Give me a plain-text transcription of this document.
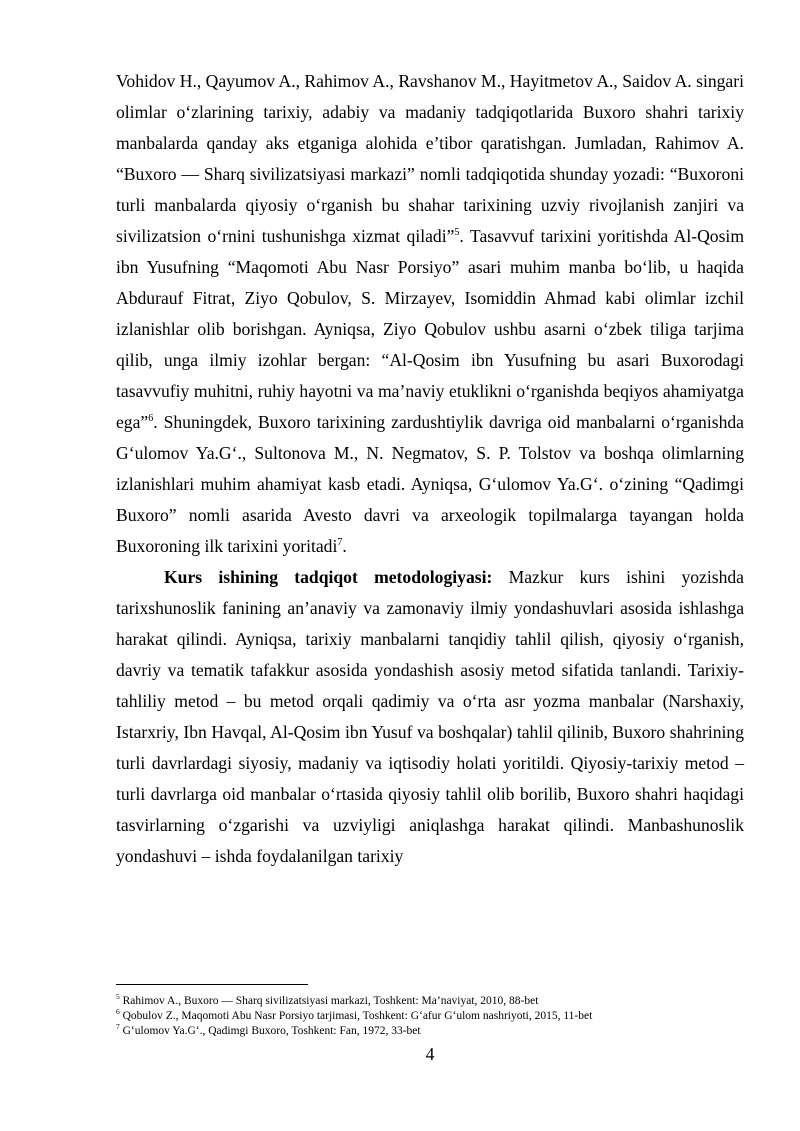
Vohidov H., Qayumov A., Rahimov A., Ravshanov M., Hayitmetov A., Saidov A. singari olimlar o‘zlarining tarixiy, adabiy va madaniy tadqiqotlarida Buxoro shahri tarixiy manbalarda qanday aks etganiga alohida e’tibor qaratishgan. Jumladan, Rahimov A. “Buxoro — Sharq sivilizatsiyasi markazi” nomli tadqiqotida shunday yozadi: “Buxoroni turli manbalarda qiyosiy o‘rganish bu shahar tarixining uzviy rivojlanish zanjiri va sivilizatsion o‘rnini tushunishga xizmat qiladi”$^5$. Tasavvuf tarixini yoritishda Al-Qosim ibn Yusufning “Maqomoti Abu Nasr Porsiyo” asari muhim manba bo‘lib, u haqida Abdurauf Fitrat, Ziyo Qobulov, S. Mirzayev, Isomiddin Ahmad kabi olimlar izchil izlanishlar olib borishgan. Ayniqsa, Ziyo Qobulov ushbu asarni o‘zbek tiliga tarjima qilib, unga ilmiy izohlar bergan: “Al-Qosim ibn Yusufning bu asari Buxorodagi tasavvufiy muhitni, ruhiy hayotni va ma’naviy etuklikni o‘rganishda beqiyos ahamiyatga ega”$^6$. Shuningdek, Buxoro tarixining zardushtiylik davriga oid manbalarni o‘rganishda G‘ulomov Ya.G‘., Sultonova M., N. Negmatov, S. P. Tolstov va boshqa olimlarning izlanishlari muhim ahamiyat kasb etadi. Ayniqsa, G‘ulomov Ya.G‘. o‘zining “Qadimgi Buxoro” nomli asarida Avesto davri va arxeologik topilmalarga tayangan holda Buxoroning ilk tarixini yoritadi$^7$.

Kurs ishining tadqiqot metodologiyasi: Mazkur kurs ishini yozishda tarixshunoslik fanining an’anaviy va zamonaviy ilmiy yondashuvlari asosida ishlashga harakat qilindi. Ayniqsa, tarixiy manbalarni tanqidiy tahlil qilish, qiyosiy o‘rganish, davriy va tematik tafakkur asosida yondashish asosiy metod sifatida tanlandi. Tarixiy-tahliliy metod – bu metod orqali qadimiy va o‘rta asr yozma manbalar (Narshaxiy, Istarxriy, Ibn Havqal, Al-Qosim ibn Yusuf va boshqalar) tahlil qilinib, Buxoro shahrining turli davrlardagi siyosiy, madaniy va iqtisodiy holati yoritildi. Qiyosiy-tarixiy metod – turli davrlarga oid manbalar o‘rtasida qiyosiy tahlil olib borilib, Buxoro shahri haqidagi tasvirlarning o‘zgarishi va uzviyligi aniqlashga harakat qilindi. Manbashunoslik yondashuvi – ishda foydalanilgan tarixiy

$^5$ Rahimov A., Buxoro — Sharq sivilizatsiyasi markazi, Toshkent: Ma’naviyat, 2010, 88-bet
$^6$ Qobulov Z., Maqomoti Abu Nasr Porsiyo tarjimasi, Toshkent: G‘afur G‘ulom nashriyoti, 2015, 11-bet
$^7$ G‘ulomov Ya.G‘., Qadimgi Buxoro, Toshkent: Fan, 1972, 33-bet
4
